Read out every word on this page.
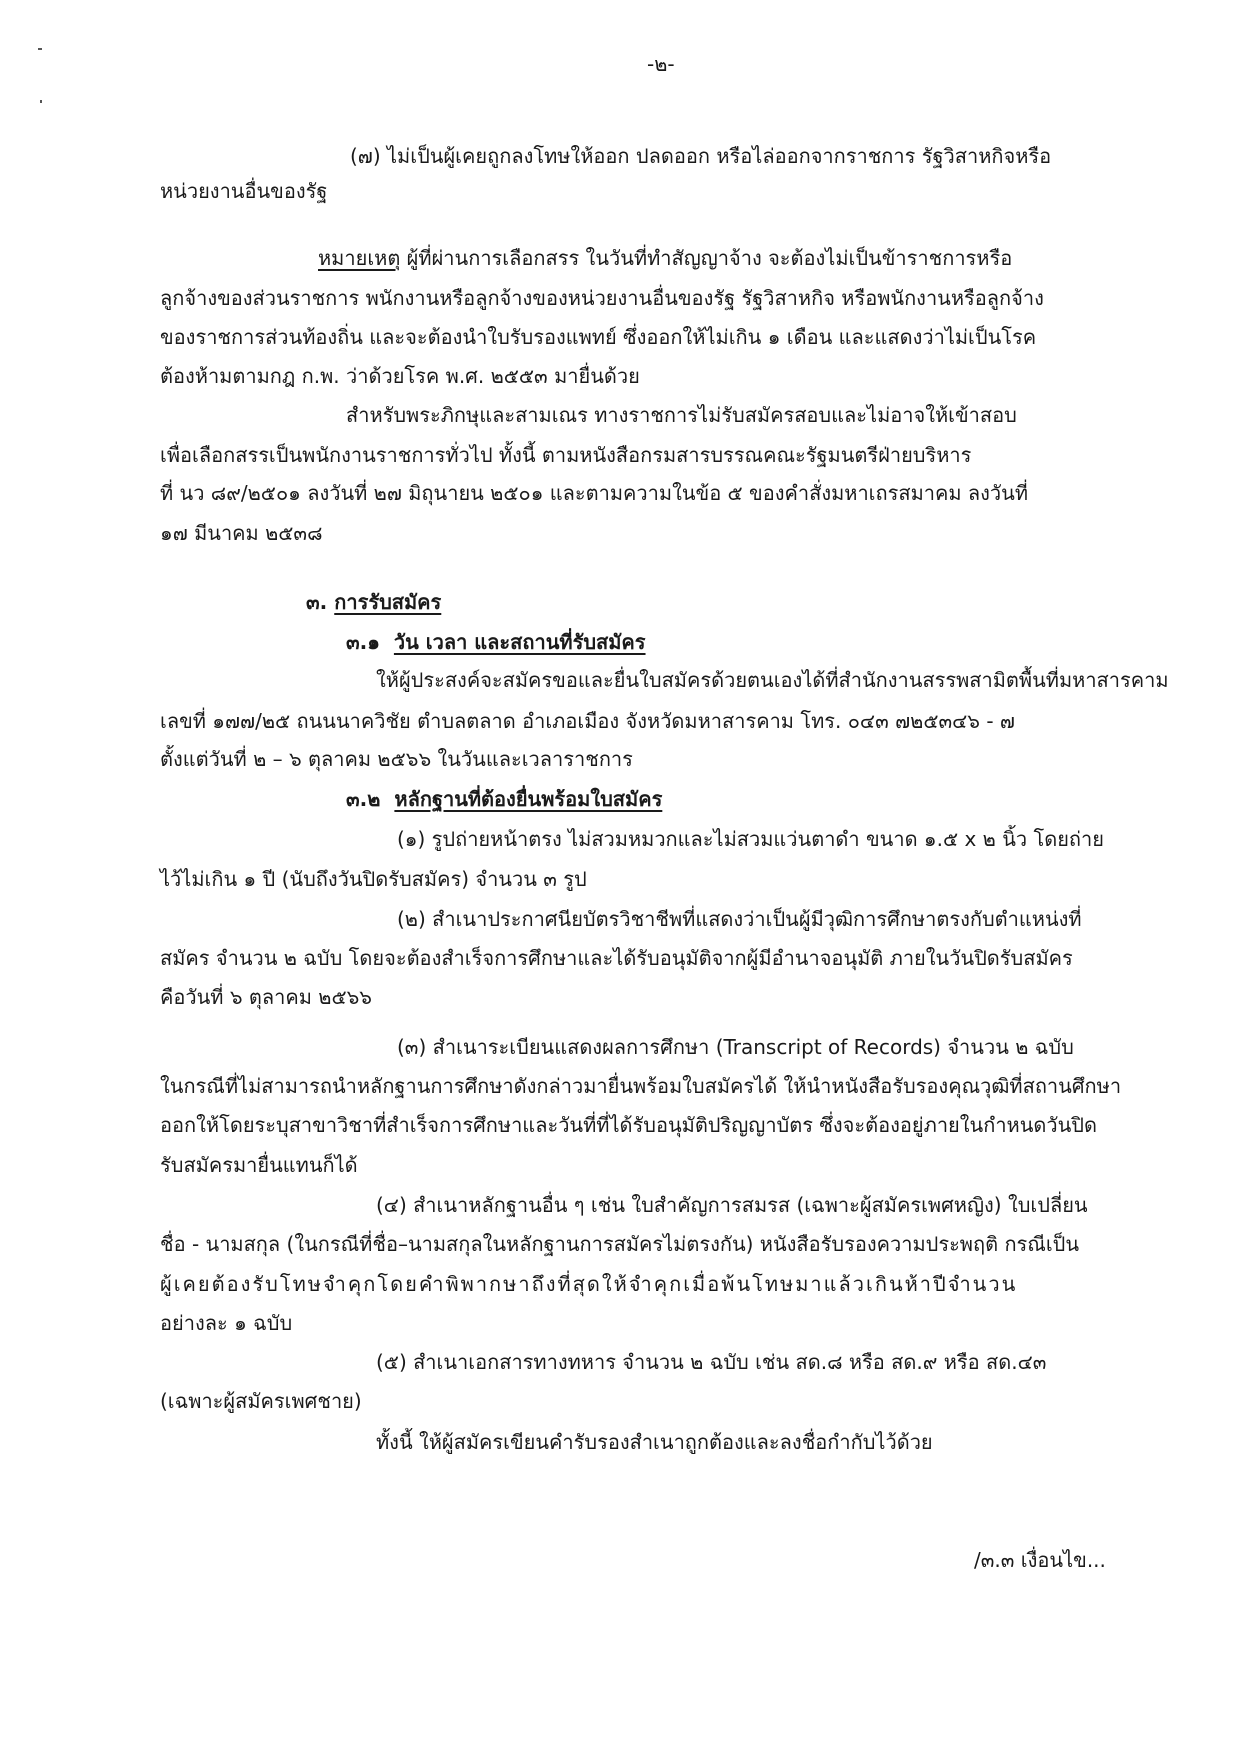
-๒-
(๗) ไม่เป็นผู้เคยถูกลงโทษให้ออก ปลดออก หรือไล่ออกจากราชการ รัฐวิสาหกิจหรือ
หน่วยงานอื่นของรัฐ
หมายเหตุ ผู้ที่ผ่านการเลือกสรร ในวันที่ทำสัญญาจ้าง จะต้องไม่เป็นข้าราชการหรือ
ลูกจ้างของส่วนราชการ พนักงานหรือลูกจ้างของหน่วยงานอื่นของรัฐ รัฐวิสาหกิจ หรือพนักงานหรือลูกจ้าง
ของราชการส่วนท้องถิ่น และจะต้องนำใบรับรองแพทย์ ซึ่งออกให้ไม่เกิน ๑ เดือน และแสดงว่าไม่เป็นโรค
ต้องห้ามตามกฎ ก.พ. ว่าด้วยโรค พ.ศ. ๒๕๕๓ มายื่นด้วย
สำหรับพระภิกษุและสามเณร ทางราชการไม่รับสมัครสอบและไม่อาจให้เข้าสอบ
เพื่อเลือกสรรเป็นพนักงานราชการทั่วไป ทั้งนี้ ตามหนังสือกรมสารบรรณคณะรัฐมนตรีฝ่ายบริหาร
ที่ นว ๘๙/๒๕๐๑ ลงวันที่ ๒๗ มิถุนายน ๒๕๐๑ และตามความในข้อ ๕ ของคำสั่งมหาเถรสมาคม ลงวันที่
๑๗ มีนาคม ๒๕๓๘
๓. การรับสมัคร
๓.๑ วัน เวลา และสถานที่รับสมัคร
ให้ผู้ประสงค์จะสมัครขอและยื่นใบสมัครด้วยตนเองได้ที่สำนักงานสรรพสามิตพื้นที่มหาสารคาม
เลขที่ ๑๗๗/๒๕ ถนนนาควิชัย ตำบลตลาด อำเภอเมือง จังหวัดมหาสารคาม โทร. ๐๔๓ ๗๒๕๓๔๖ - ๗
ตั้งแต่วันที่ ๒ – ๖ ตุลาคม ๒๕๖๖ ในวันและเวลาราชการ
๓.๒ หลักฐานที่ต้องยื่นพร้อมใบสมัคร
(๑) รูปถ่ายหน้าตรง ไม่สวมหมวกและไม่สวมแว่นตาดำ ขนาด ๑.๕ x ๒ นิ้ว โดยถ่าย
ไว้ไม่เกิน ๑ ปี (นับถึงวันปิดรับสมัคร) จำนวน ๓ รูป
(๒) สำเนาประกาศนียบัตรวิชาชีพที่แสดงว่าเป็นผู้มีวุฒิการศึกษาตรงกับตำแหน่งที่
สมัคร จำนวน ๒ ฉบับ โดยจะต้องสำเร็จการศึกษาและได้รับอนุมัติจากผู้มีอำนาจอนุมัติ ภายในวันปิดรับสมัคร
คือวันที่ ๖ ตุลาคม ๒๕๖๖
(๓) สำเนาระเบียนแสดงผลการศึกษา (Transcript of Records) จำนวน ๒ ฉบับ
ในกรณีที่ไม่สามารถนำหลักฐานการศึกษาดังกล่าวมายื่นพร้อมใบสมัครได้ ให้นำหนังสือรับรองคุณวุฒิที่สถานศึกษา
ออกให้โดยระบุสาขาวิชาที่สำเร็จการศึกษาและวันที่ที่ได้รับอนุมัติปริญญาบัตร ซึ่งจะต้องอยู่ภายในกำหนดวันปิด
รับสมัครมายื่นแทนก็ได้
(๔) สำเนาหลักฐานอื่น ๆ เช่น ใบสำคัญการสมรส (เฉพาะผู้สมัครเพศหญิง) ใบเปลี่ยน
ชื่อ - นามสกุล (ในกรณีที่ชื่อ–นามสกุลในหลักฐานการสมัครไม่ตรงกัน) หนังสือรับรองความประพฤติ กรณีเป็น
ผู้เคยต้องรับโทษจำคุกโดยคำพิพากษาถึงที่สุดให้จำคุกเมื่อพ้นโทษมาแล้วเกินห้าปีจำนวน
อย่างละ ๑ ฉบับ
(๕) สำเนาเอกสารทางทหาร จำนวน ๒ ฉบับ เช่น สด.๘ หรือ สด.๙ หรือ สด.๔๓
(เฉพาะผู้สมัครเพศชาย)
ทั้งนี้ ให้ผู้สมัครเขียนคำรับรองสำเนาถูกต้องและลงชื่อกำกับไว้ด้วย
/๓.๓ เงื่อนไข...
